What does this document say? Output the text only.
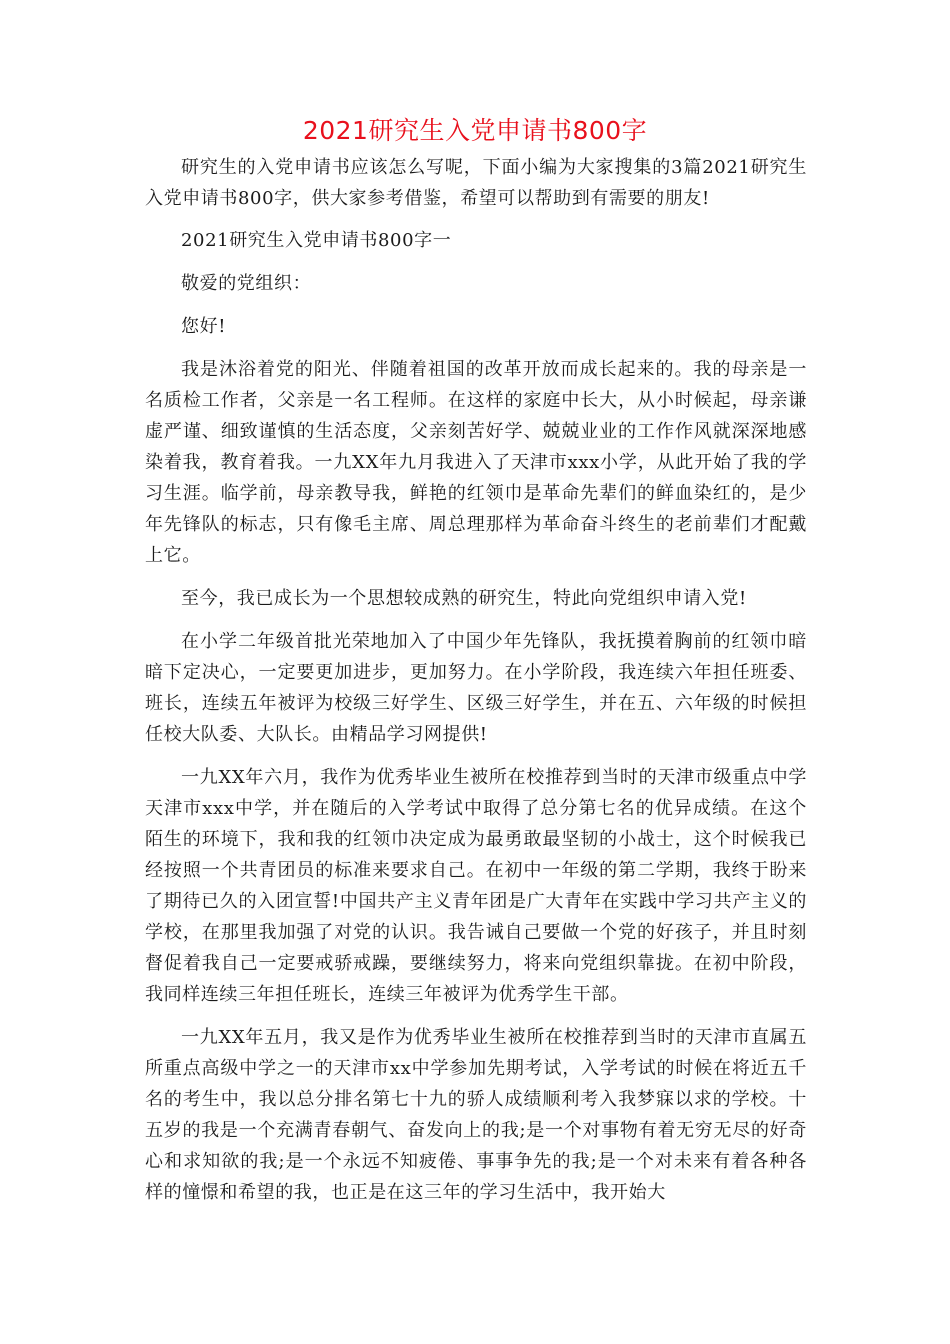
2021研究生入党申请书800字

研究生的入党申请书应该怎么写呢，下面小编为大家搜集的3篇2021研究生入党申请书800字，供大家参考借鉴，希望可以帮助到有需要的朋友!

2021研究生入党申请书800字一

敬爱的党组织：

您好!

我是沐浴着党的阳光、伴随着祖国的改革开放而成长起来的。我的母亲是一名质检工作者，父亲是一名工程师。在这样的家庭中长大，从小时候起，母亲谦虚严谨、细致谨慎的生活态度，父亲刻苦好学、兢兢业业的工作作风就深深地感染着我，教育着我。一九XX年九月我进入了天津市xxx小学，从此开始了我的学习生涯。临学前，母亲教导我，鲜艳的红领巾是革命先辈们的鲜血染红的，是少年先锋队的标志，只有像毛主席、周总理那样为革命奋斗终生的老前辈们才配戴上它。

至今，我已成长为一个思想较成熟的研究生，特此向党组织申请入党!

在小学二年级首批光荣地加入了中国少年先锋队，我抚摸着胸前的红领巾暗暗下定决心，一定要更加进步，更加努力。在小学阶段，我连续六年担任班委、班长，连续五年被评为校级三好学生、区级三好学生，并在五、六年级的时候担任校大队委、大队长。由精品学习网提供!

一九XX年六月，我作为优秀毕业生被所在校推荐到当时的天津市级重点中学天津市xxx中学，并在随后的入学考试中取得了总分第七名的优异成绩。在这个陌生的环境下，我和我的红领巾决定成为最勇敢最坚韧的小战士，这个时候我已经按照一个共青团员的标准来要求自己。在初中一年级的第二学期，我终于盼来了期待已久的入团宣誓!中国共产主义青年团是广大青年在实践中学习共产主义的学校，在那里我加强了对党的认识。我告诫自己要做一个党的好孩子，并且时刻督促着我自己一定要戒骄戒躁，要继续努力，将来向党组织靠拢。在初中阶段，我同样连续三年担任班长，连续三年被评为优秀学生干部。

一九XX年五月，我又是作为优秀毕业生被所在校推荐到当时的天津市直属五所重点高级中学之一的天津市xx中学参加先期考试，入学考试的时候在将近五千名的考生中，我以总分排名第七十九的骄人成绩顺利考入我梦寐以求的学校。十五岁的我是一个充满青春朝气、奋发向上的我;是一个对事物有着无穷无尽的好奇心和求知欲的我;是一个永远不知疲倦、事事争先的我;是一个对未来有着各种各样的憧憬和希望的我，也正是在这三年的学习生活中，我开始大
